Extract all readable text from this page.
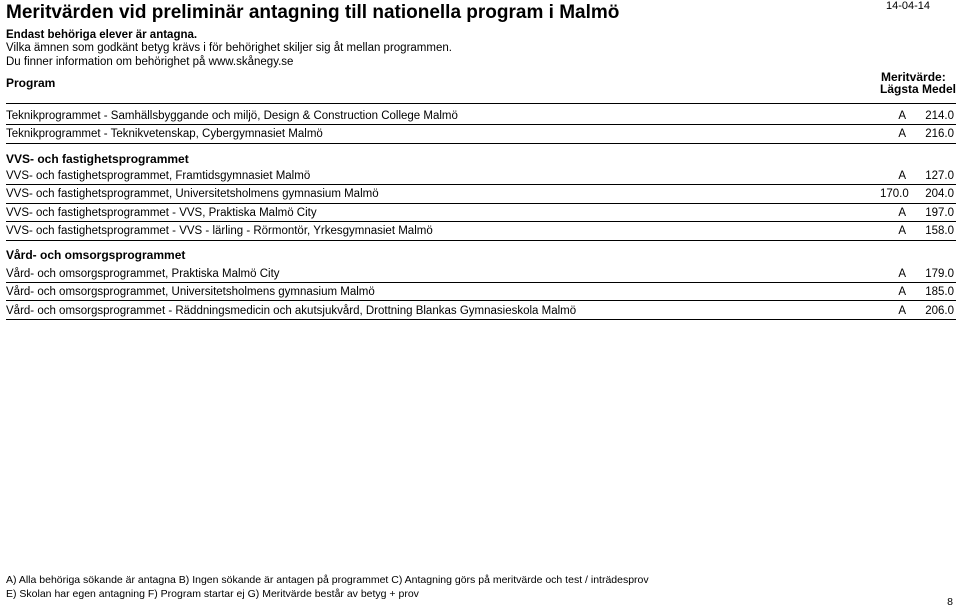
Meritvärden vid preliminär antagning till nationella program i Malmö	14-04-14
Endast behöriga elever är antagna.
Vilka ämnen som godkänt betyg krävs i för behörighet skiljer sig åt mellan programmen.
Du finner information om behörighet på www.skånegy.se
Program	Meritvärde:
Lägsta Medel
Teknikprogrammet - Samhällsbyggande och miljö, Design & Construction College Malmö	A	214.0
Teknikprogrammet - Teknikvetenskap, Cybergymnasiet Malmö	A	216.0
VVS- och fastighetsprogrammet
VVS- och fastighetsprogrammet, Framtidsgymnasiet Malmö	A	127.0
VVS- och fastighetsprogrammet, Universitetsholmens gymnasium Malmö	170.0	204.0
VVS- och fastighetsprogrammet - VVS, Praktiska Malmö City	A	197.0
VVS- och fastighetsprogrammet - VVS - lärling - Rörmontör, Yrkesgymnasiet Malmö	A	158.0
Vård- och omsorgsprogrammet
Vård- och omsorgsprogrammet, Praktiska Malmö City	A	179.0
Vård- och omsorgsprogrammet, Universitetsholmens gymnasium Malmö	A	185.0
Vård- och omsorgsprogrammet - Räddningsmedicin och akutsjukvård, Drottning Blankas Gymnasieskola Malmö	A	206.0
A) Alla behöriga sökande är antagna B) Ingen sökande är antagen på programmet C) Antagning görs på meritvärde och test / inträdesprov
E) Skolan har egen antagning F) Program startar ej G) Meritvärde består av betyg + prov
8
